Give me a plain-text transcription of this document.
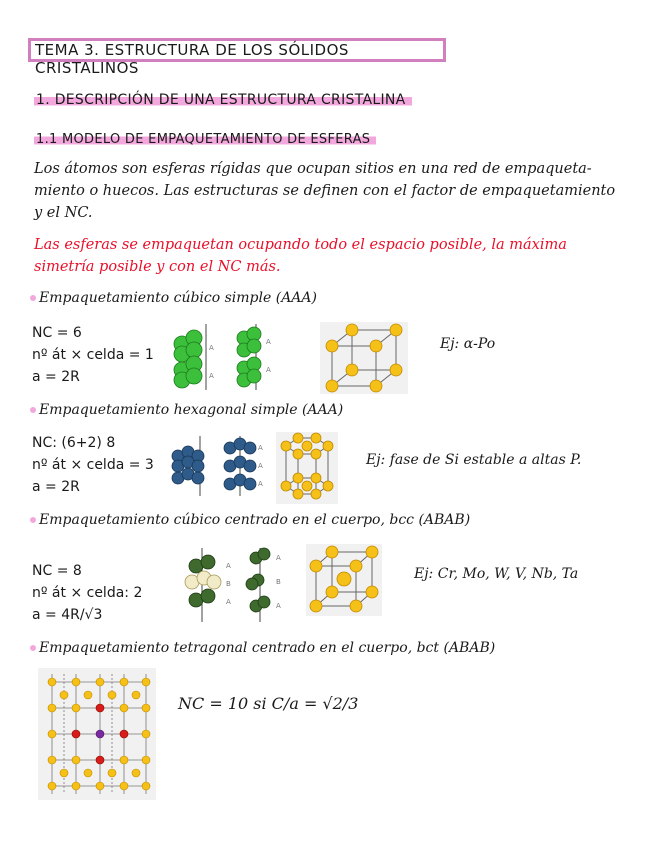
TEMA 3. ESTRUCTURA DE LOS SÓLIDOS CRISTALINOS
1. DESCRIPCIÓN DE UNA ESTRUCTURA CRISTALINA
1.1 MODELO DE EMPAQUETAMIENTO DE ESFERAS
Los átomos son esferas rígidas que ocupan sitios en una red de empaqueta-miento o huecos. Las estructuras se definen con el factor de empaquetamiento y el NC.
Las esferas se empaquetan ocupando todo el espacio posible, la máxima simetría posible y con el NC más.
Empaquetamiento cúbico simple (AAA)
NC = 6
nº át × celda = 1
a = 2R
A
A
A
A
Ej: α-Po
Empaquetamiento hexagonal simple (AAA)
NC: (6+2) 8
nº át × celda = 3
a = 2R
A
A
A
Ej: fase de Si estable a altas P.
Empaquetamiento cúbico centrado en el cuerpo, bcc (ABAB)
NC = 8
nº át × celda: 2
a = 4R/√3
A
B
A
A
B
A
Ej: Cr, Mo, W, V, Nb, Ta
Empaquetamiento tetragonal centrado en el cuerpo, bct (ABAB)
NC = 10 si C/a = √2/3
